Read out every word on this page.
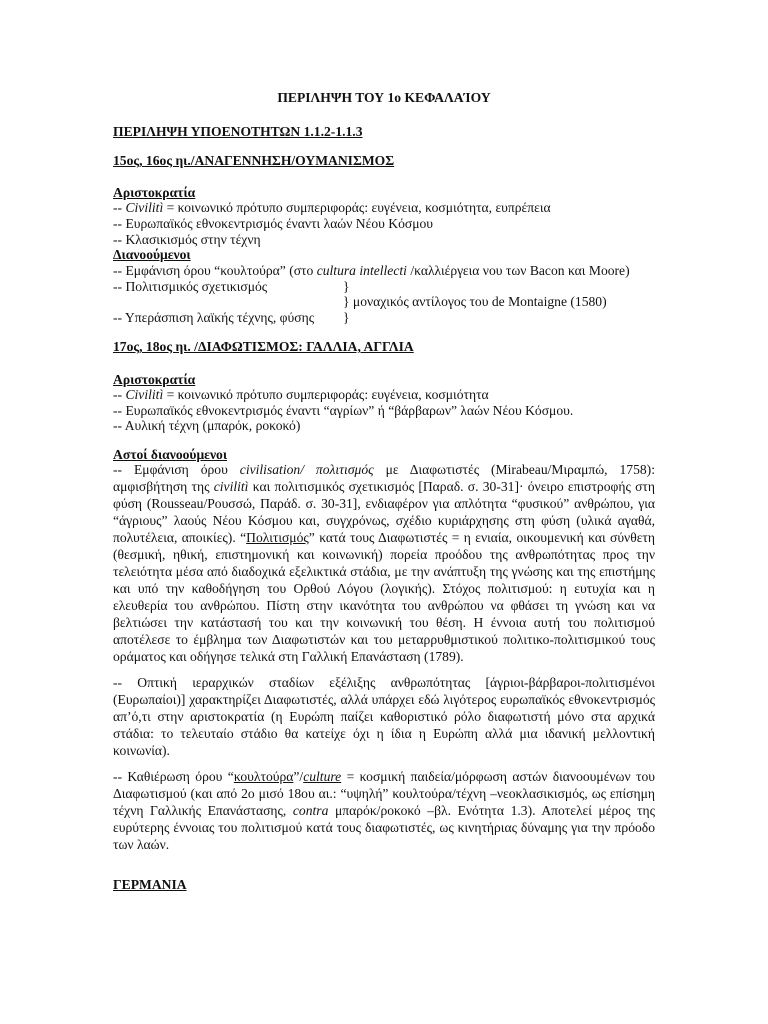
ΠΕΡΙΛΗΨΗ ΤΟΥ 1ο ΚΕΦΑΛΑΊΟΥ
ΠΕΡΙΛΗΨΗ ΥΠΟΕΝΟΤΗΤΩΝ 1.1.2-1.1.3
15ος, 16ος ηι./ΑΝΑΓΕΝΝΗΣΗ/ΟΥΜΑΝΙΣΜΟΣ
Αριστοκρατία
-- Civilitì = κοινωνικό πρότυπο συμπεριφοράς: ευγένεια, κοσμιότητα, ευπρέπεια
-- Ευρωπαϊκός εθνοκεντρισμός έναντι λαών Νέου Κόσμου
-- Κλασικισμός στην τέχνη
Διανοούμενοι
-- Εμφάνιση όρου “κουλτούρα” (στο cultura intellecti /καλλιέργεια νου των Bacon και Moore)
-- Πολιτισμικός σχετικισμός	}
} μοναχικός αντίλογος του de Montaigne (1580)
-- Υπεράσπιση λαϊκής τέχνης, φύσης }
17ος, 18ος ηι. /ΔΙΑΦΩΤΙΣΜΟΣ: ΓΑΛΛΙΑ, ΑΓΓΛΙΑ
Αριστοκρατία
-- Civilitì = κοινωνικό πρότυπο συμπεριφοράς: ευγένεια, κοσμιότητα
-- Ευρωπαϊκός εθνοκεντρισμός έναντι “αγρίων” ή “βάρβαρων” λαών Νέου Κόσμου.
-- Αυλική τέχνη (μπαρόκ, ροκοκό)
Αστοί διανοούμενοι
-- Εμφάνιση όρου civilisation/ πολιτισμός με Διαφωτιστές (Mirabeau/Μιραμπώ, 1758): αμφισβήτηση της civilitì και πολιτισμικός σχετικισμός [Παραδ. σ. 30-31]· όνειρο επιστροφής στη φύση (Rousseau/Ρουσσώ, Παράδ. σ. 30-31], ενδιαφέρον για απλότητα “φυσικού” ανθρώπου, για “άγριους” λαούς Νέου Κόσμου και, συγχρόνως, σχέδιο κυριάρχησης στη φύση (υλικά αγαθά, πολυτέλεια, αποικίες). “Πολιτισμός” κατά τους Διαφωτιστές = η ενιαία, οικουμενική και σύνθετη (θεσμική, ηθική, επιστημονική και κοινωνική) πορεία προόδου της ανθρωπότητας προς την τελειότητα μέσα από διαδοχικά εξελικτικά στάδια, με την ανάπτυξη της γνώσης και της επιστήμης και υπό την καθοδήγηση του Ορθού Λόγου (λογικής). Στόχος πολιτισμού: η ευτυχία και η ελευθερία του ανθρώπου. Πίστη στην ικανότητα του ανθρώπου να φθάσει τη γνώση και να βελτιώσει την κατάστασή του και την κοινωνική του θέση. Η έννοια αυτή του πολιτισμού αποτέλεσε το έμβλημα των Διαφωτιστών και του μεταρρυθμιστικού πολιτικο-πολιτισμικού τους οράματος και οδήγησε τελικά στη Γαλλική Επανάσταση (1789).
-- Οπτική ιεραρχικών σταδίων εξέλιξης ανθρωπότητας [άγριοι-βάρβαροι-πολιτισμένοι (Ευρωπαίοι)] χαρακτηρίζει Διαφωτιστές, αλλά υπάρχει εδώ λιγότερος ευρωπαϊκός εθνοκεντρισμός απ’ό,τι στην αριστοκρατία (η Ευρώπη παίζει καθοριστικό ρόλο διαφωτιστή μόνο στα αρχικά στάδια: το τελευταίο στάδιο θα κατείχε όχι η ίδια η Ευρώπη αλλά μια ιδανική μελλοντική κοινωνία).
-- Καθιέρωση όρου “κουλτούρα”/culture = κοσμική παιδεία/μόρφωση αστών διανοουμένων του Διαφωτισμού (και από 2ο μισό 18ου αι.: “υψηλή” κουλτούρα/τέχνη –νεοκλασικισμός, ως επίσημη τέχνη Γαλλικής Επανάστασης, contra μπαρόκ/ροκοκό –βλ. Ενότητα 1.3). Αποτελεί μέρος της ευρύτερης έννοιας του πολιτισμού κατά τους διαφωτιστές, ως κινητήριας δύναμης για την πρόοδο των λαών.
ΓΕΡΜΑΝΙΑ
